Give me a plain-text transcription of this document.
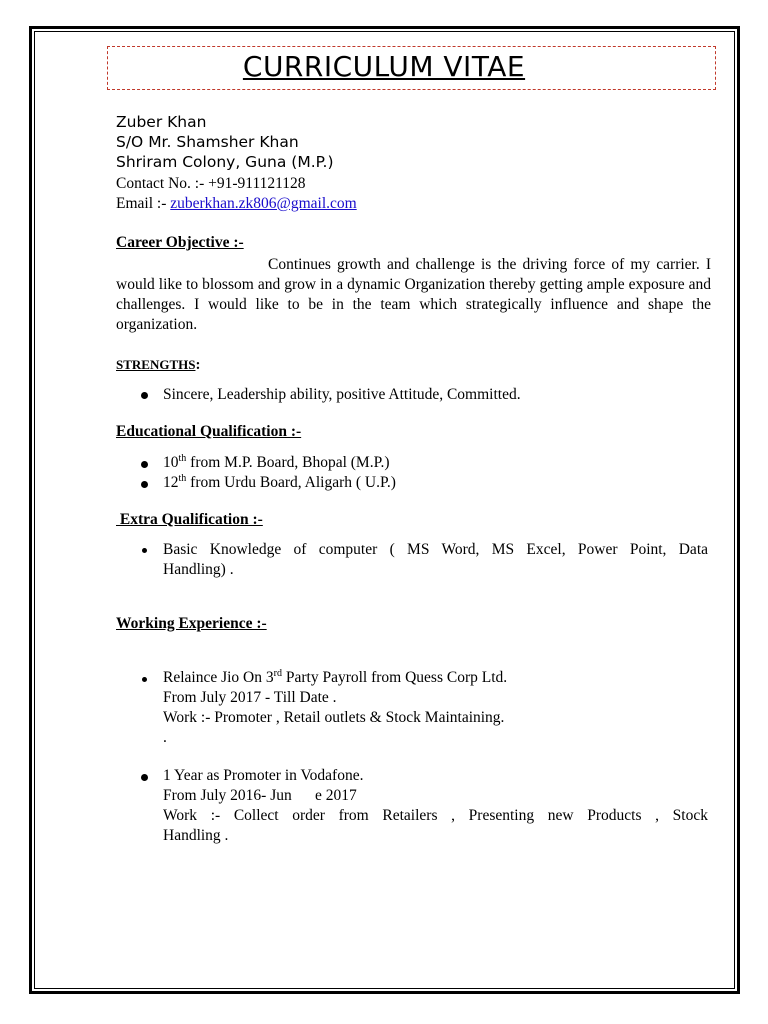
CURRICULUM VITAE
Zuber Khan
S/O Mr. Shamsher Khan
Shriram Colony, Guna (M.P.)
Contact No. :- +91-911121128
Email :- zuberkhan.zk806@gmail.com
Career Objective :-
Continues growth and challenge is the driving force of my carrier. I would like to blossom and grow in a dynamic Organization thereby getting ample exposure and challenges. I would like to be in the team which strategically influence and shape the organization.
STRENGTHS:
Sincere, Leadership ability, positive Attitude, Committed.
Educational Qualification :-
10th from M.P. Board, Bhopal (M.P.)
12th from Urdu Board, Aligarh ( U.P.)
Extra Qualification :-
Basic Knowledge of computer ( MS Word, MS Excel, Power Point, Data
Handling) .
Working Experience :-
Relaince Jio On 3rd Party Payroll from Quess Corp Ltd.
From July 2017 - Till Date .
Work :- Promoter , Retail outlets & Stock Maintaining.
.
1 Year as Promoter in Vodafone.
From July 2016- Jun      e 2017
Work :- Collect order from Retailers , Presenting new Products , Stock
Handling .
